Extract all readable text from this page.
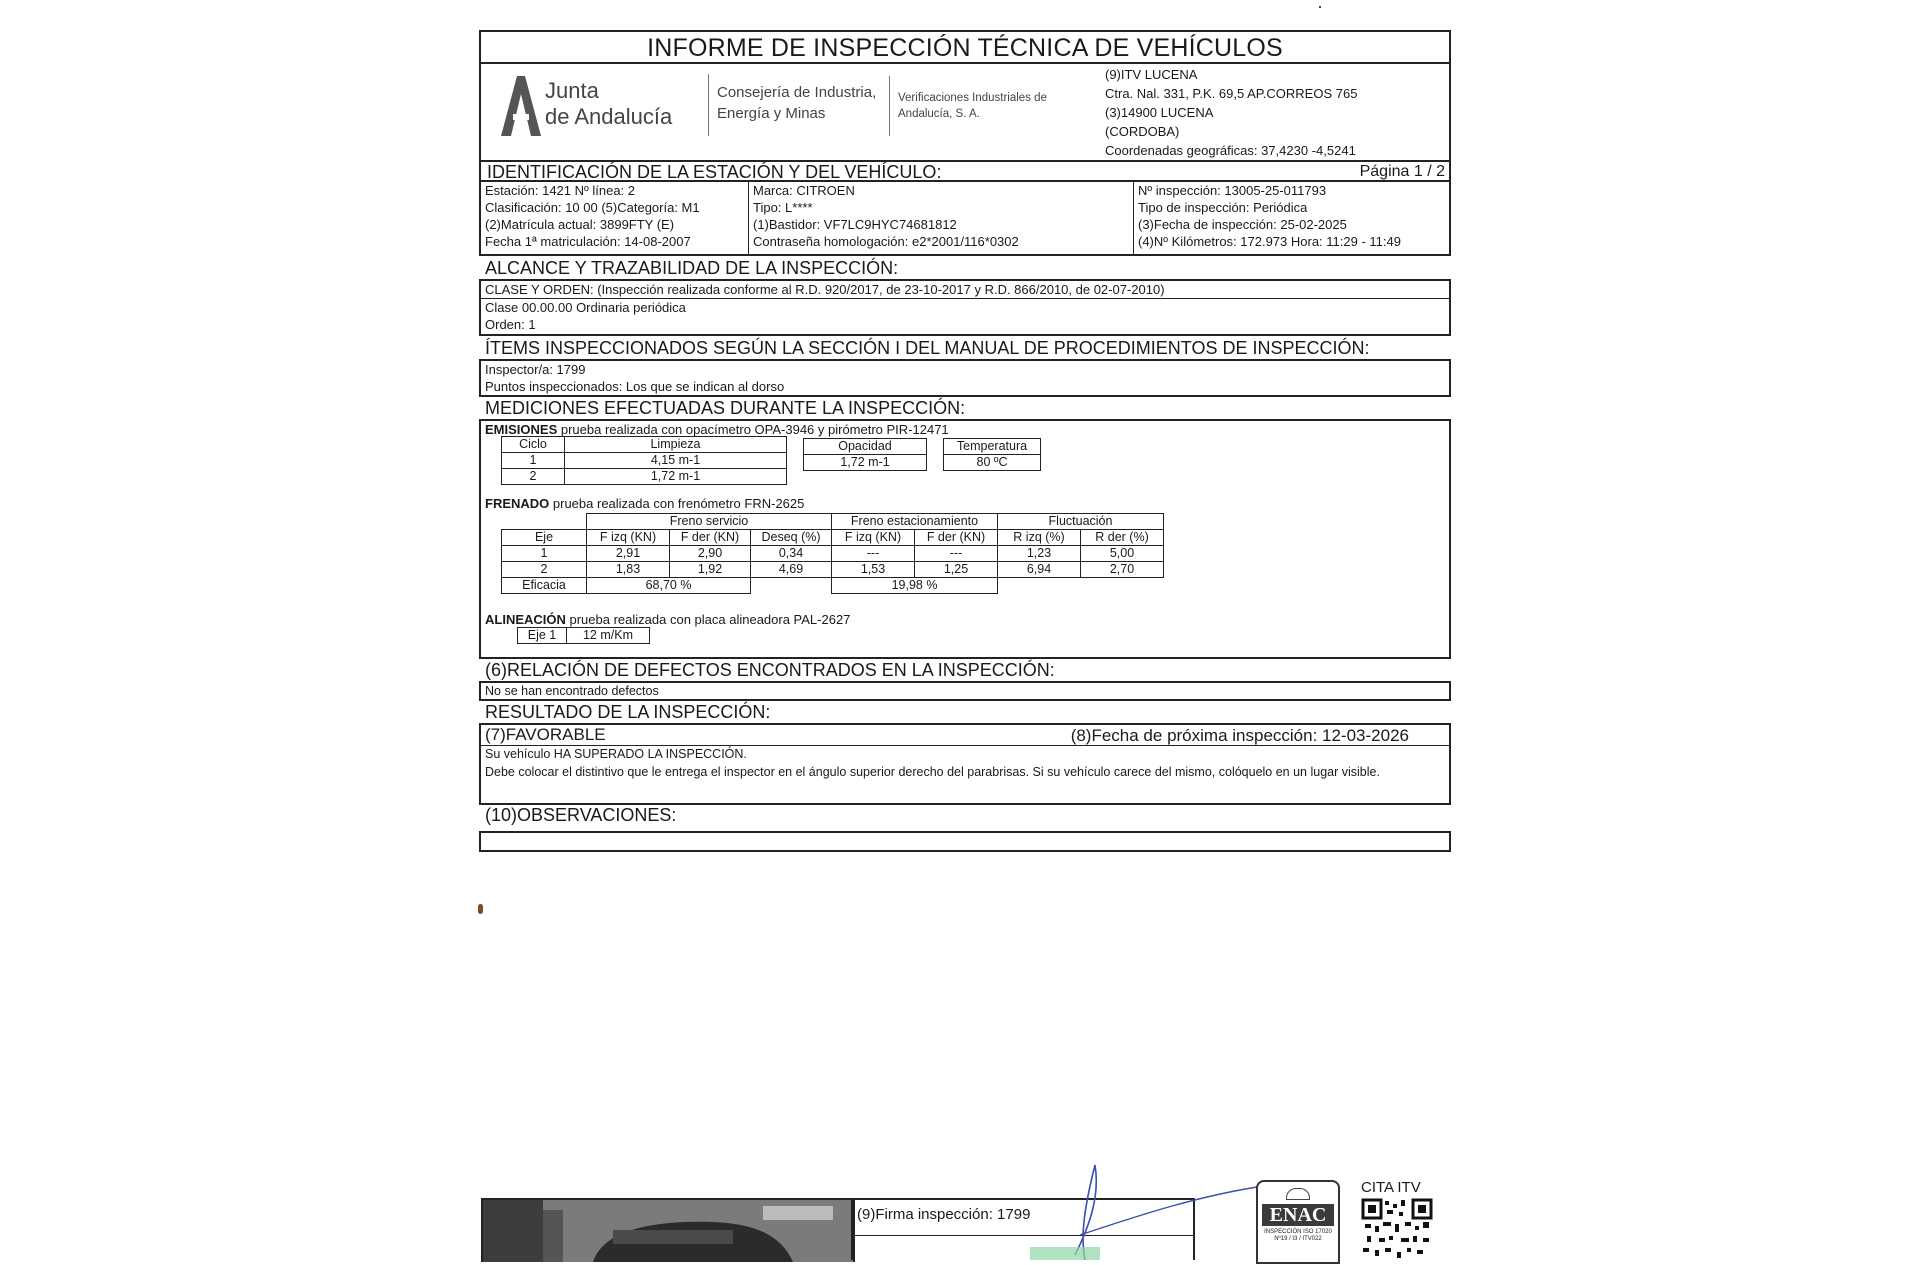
INFORME DE INSPECCIÓN TÉCNICA DE VEHÍCULOS
Junta
de Andalucía
Consejería de Industria,
Energía y Minas
Verificaciones Industriales de
Andalucía, S. A.
(9)ITV LUCENA
Ctra. Nal. 331, P.K. 69,5 AP.CORREOS 765
(3)14900 LUCENA
(CORDOBA)
Coordenadas geográficas: 37,4230 -4,5241
IDENTIFICACIÓN DE LA ESTACIÓN Y DEL VEHÍCULO:	Página 1 / 2
Estación: 1421 Nº línea: 2
Clasificación: 10 00 (5)Categoría: M1
(2)Matrícula actual: 3899FTY (E)
Fecha 1ª matriculación: 14-08-2007
Marca: CITROEN
Tipo: L****
(1)Bastidor: VF7LC9HYC74681812
Contraseña homologación: e2*2001/116*0302
Nº inspección: 13005-25-011793
Tipo de inspección: Periódica
(3)Fecha de inspección: 25-02-2025
(4)Nº Kilómetros: 172.973 Hora: 11:29 - 11:49
ALCANCE Y TRAZABILIDAD DE LA INSPECCIÓN:
CLASE Y ORDEN: (Inspección realizada conforme al R.D. 920/2017, de 23-10-2017 y R.D. 866/2010, de 02-07-2010)
Clase 00.00.00 Ordinaria periódica
Orden: 1
ÍTEMS INSPECCIONADOS SEGÚN LA SECCIÓN I DEL MANUAL DE PROCEDIMIENTOS DE INSPECCIÓN:
Inspector/a: 1799
Puntos inspeccionados: Los que se indican al dorso
MEDICIONES EFECTUADAS DURANTE LA INSPECCIÓN:
EMISIONES prueba realizada con opacímetro OPA-3946 y pirómetro PIR-12471
Ciclo	Limpieza
1	4,15 m-1
2	1,72 m-1
Opacidad
1,72 m-1
Temperatura
80 ºC
FRENADO prueba realizada con frenómetro FRN-2625
	Freno servicio			Freno estacionamiento		Fluctuación	
Eje	F izq (KN)	F der (KN)	Deseq (%)	F izq (KN)	F der (KN)	R izq (%)	R der (%)
1	2,91	2,90	0,34	---	---	1,23	5,00
2	1,83	1,92	4,69	1,53	1,25	6,94	2,70
Eficacia	68,70 %			19,98 %			
ALINEACIÓN prueba realizada con placa alineadora PAL-2627
Eje 1	12 m/Km
(6)RELACIÓN DE DEFECTOS ENCONTRADOS EN LA INSPECCIÓN:
No se han encontrado defectos
RESULTADO DE LA INSPECCIÓN:
(7)FAVORABLE	(8)Fecha de próxima inspección: 12-03-2026
Su vehículo HA SUPERADO LA INSPECCIÓN.
Debe colocar el distintivo que le entrega el inspector en el ángulo superior derecho del parabrisas. Si su vehículo carece del mismo, colóquelo en un lugar visible.
(10)OBSERVACIONES:
(9)Firma inspección: 1799	ENAC
INSPECCIÓN ISO 17020 Nº19 / I3 / ITV022
CITA ITV
